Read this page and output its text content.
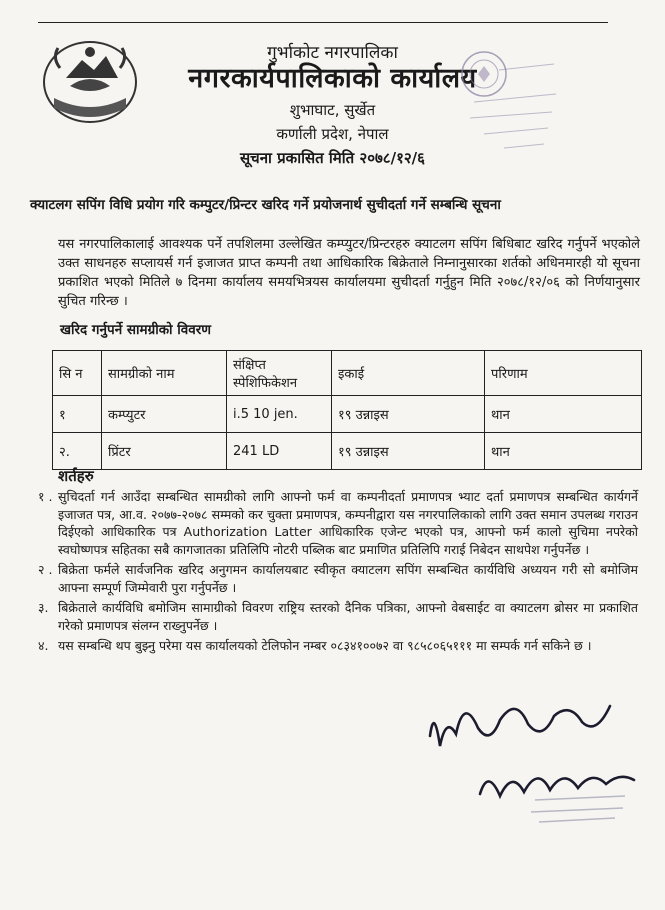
गुर्भाकोट नगरपालिका
नगरकार्यपालिकाको कार्यालय
शुभाघाट, सुर्खेत
कर्णाली प्रदेश, नेपाल
सूचना प्रकासित मिति २०७८/१२/६
क्याटलग सपिंग विधि प्रयोग गरि कम्पुटर/प्रिन्टर खरिद गर्ने प्रयोजनार्थ सुचीदर्ता गर्ने सम्बन्धि सूचना
यस नगरपालिकालाई आवश्यक पर्ने तपशिलमा उल्लेखित कम्प्युटर/प्रिन्टरहरु क्याटलग सपिंग बिधिबाट खरिद गर्नुपर्ने भएकोले उक्त साधनहरु सप्लायर्स गर्न इजाजत प्राप्त कम्पनी तथा आधिकारिक बिक्रेताले निम्नानुसारका शर्तको अधिनमारही यो सूचना प्रकाशित भएको मितिले ७ दिनमा कार्यालय समयभित्रयस कार्यालयमा सुचीदर्ता गर्नुहुन मिति २०७८/१२/०६ को निर्णयानुसार सुचित गरिन्छ ।
खरिद गर्नुपर्ने सामग्रीको विवरण
सि न	सामग्रीको नाम	संक्षिप्त स्पेशिफिकेशन	इकाई	परिणाम
१	कम्प्युटर	i.5 10 jen.	१९ उन्नाइस	थान
२.	प्रिंटर	241 LD	१९ उन्नाइस	थान
शर्तहरु
१ . सुचिदर्ता गर्न आउँदा सम्बन्धित सामग्रीको लागि आफ्नो फर्म वा कम्पनीदर्ता प्रमाणपत्र भ्याट दर्ता प्रमाणपत्र सम्बन्धित कार्यगर्ने इजाजत पत्र, आ.व. २०७७-२०७८ सम्मको कर चुक्ता प्रमाणपत्र, कम्पनीद्वारा यस नगरपालिकाको लागि उक्त समान उपलब्ध गराउन दिईएको आधिकारिक पत्र Authorization Latter आधिकारिक एजेन्ट भएको पत्र, आफ्नो फर्म कालो सुचिमा नपरेको स्वघोष्णपत्र सहितका सबै कागजातका प्रतिलिपि नोटरी पब्लिक बाट प्रमाणित प्रतिलिपि गराई निबेदन साथपेश गर्नुपर्नेछ ।
२ . बिक्रेता फर्मले सार्वजनिक खरिद अनुगमन कार्यालयबाट स्वीकृत क्याटलग सपिंग सम्बन्धित कार्यविधि अध्ययन गरी सो बमोजिम आफ्ना सम्पूर्ण जिम्मेवारी पुरा गर्नुपर्नेछ ।
३. बिक्रेताले कार्यविधि बमोजिम सामाग्रीको विवरण राष्ट्रिय स्तरको दैनिक पत्रिका, आफ्नो वेबसाईट वा क्याटलग ब्रोसर मा प्रकाशित गरेको प्रमाणपत्र संलग्न राख्नुपर्नेछ ।
४. यस सम्बन्धि थप बुझ्नु परेमा यस कार्यालयको टेलिफोन नम्बर ०८३४१००७२ वा ९८५८०६५१११ मा सम्पर्क गर्न सकिने छ ।
